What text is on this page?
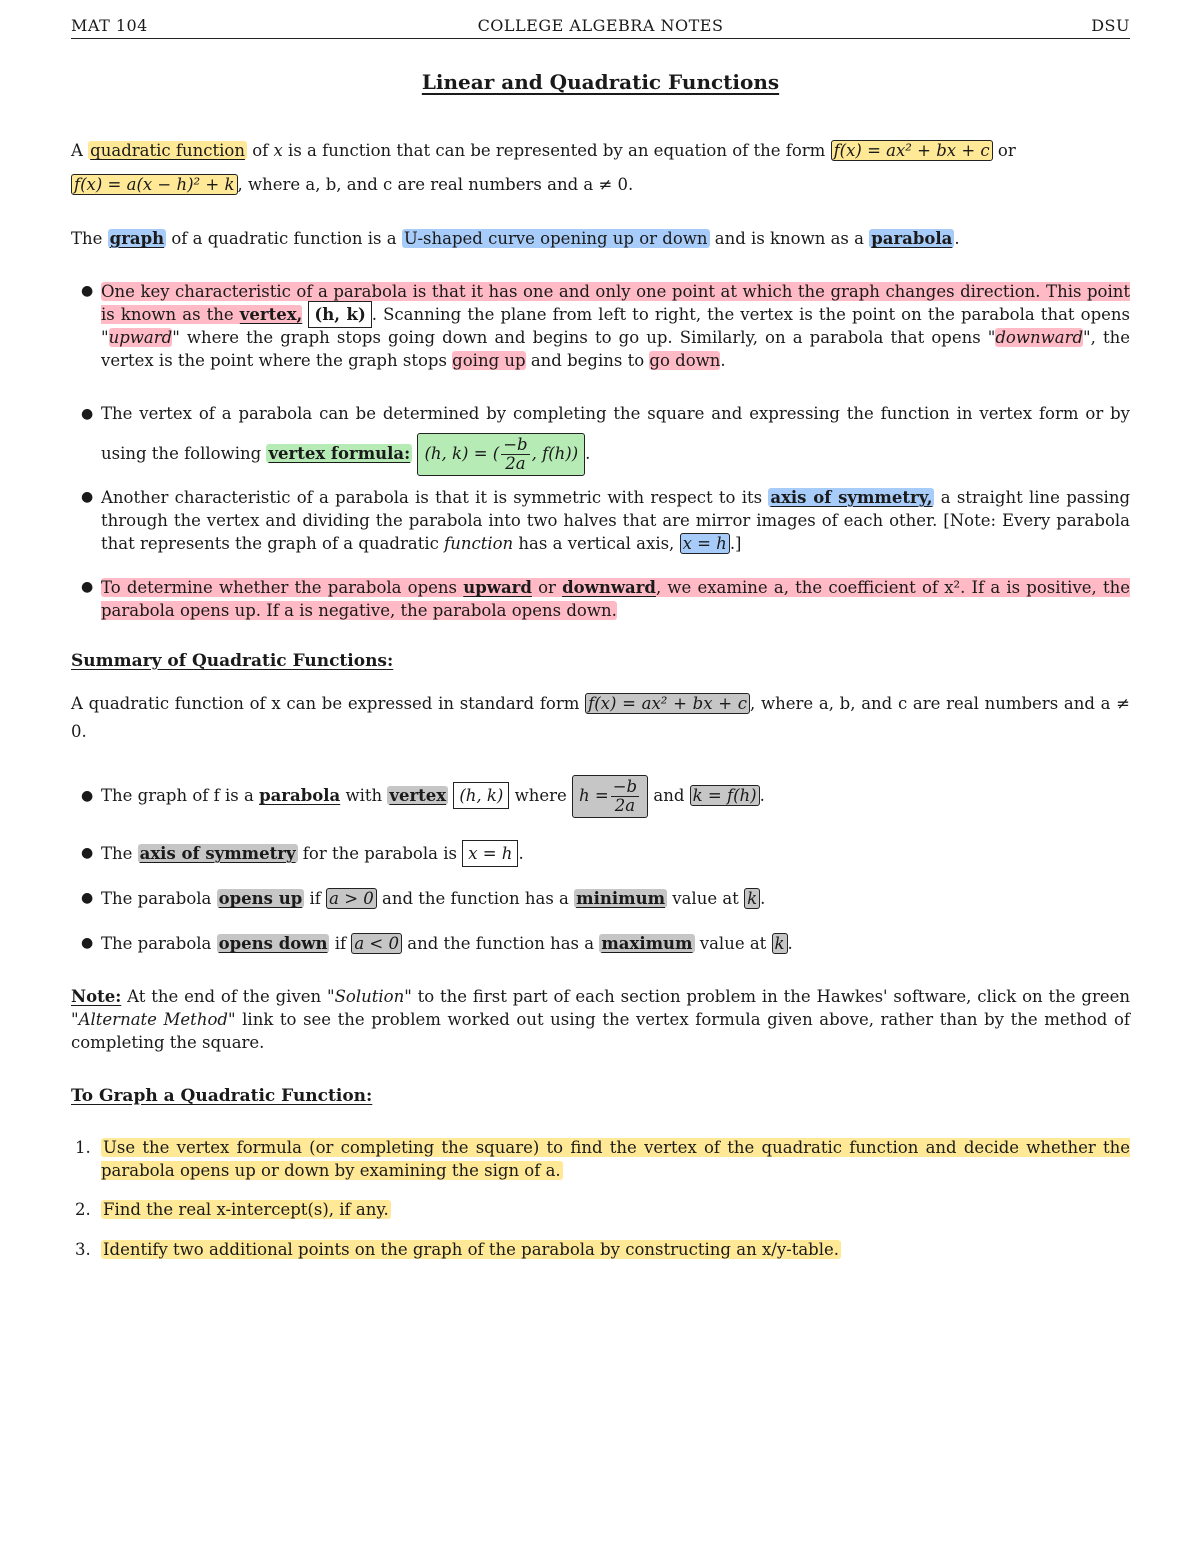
MAT 104	COLLEGE ALGEBRA NOTES	DSU
Linear and Quadratic Functions
A quadratic function of x is a function that can be represented by an equation of the form f(x) = ax² + bx + c or
f(x) = a(x − h)² + k , where a, b, and c are real numbers and a ≠ 0.
The graph of a quadratic function is a U-shaped curve opening up or down and is known as a parabola .
● One key characteristic of a parabola is that it has one and only one point at which the graph changes direction. This point is known as the vertex, (h, k) . Scanning the plane from left to right, the vertex is the point on the parabola that opens "upward" where the graph stops going down and begins to go up. Similarly, on a parabola that opens "downward", the vertex is the point where the graph stops going up and begins to go down.
● The vertex of a parabola can be determined by completing the square and expressing the function in vertex form or by using the following vertex formula: (h, k) = ( $\frac{-b}{2a}$ , f(h)) .
● Another characteristic of a parabola is that it is symmetric with respect to its axis of symmetry, a straight line passing through the vertex and dividing the parabola into two halves that are mirror images of each other. [Note: Every parabola that represents the graph of a quadratic function has a vertical axis, x = h .]
● To determine whether the parabola opens upward or downward, we examine a, the coefficient of x². If a is positive, the parabola opens up. If a is negative, the parabola opens down.
Summary of Quadratic Functions:
A quadratic function of x can be expressed in standard form f(x) = ax² + bx + c , where a, b, and c are real numbers and a ≠ 0.
● The graph of f is a parabola with vertex (h, k) where $h = \frac{-b}{2a}$ and k = f(h) .
● The axis of symmetry for the parabola is x = h .
● The parabola opens up if a > 0 and the function has a minimum value at k .
● The parabola opens down if a < 0 and the function has a maximum value at k .
Note: At the end of the given "Solution" to the first part of each section problem in the Hawkes' software, click on the green "Alternate Method" link to see the problem worked out using the vertex formula given above, rather than by the method of completing the square.
To Graph a Quadratic Function:
1. Use the vertex formula (or completing the square) to find the vertex of the quadratic function and decide whether the parabola opens up or down by examining the sign of a.
2. Find the real x-intercept(s), if any.
3. Identify two additional points on the graph of the parabola by constructing an x/y-table.
